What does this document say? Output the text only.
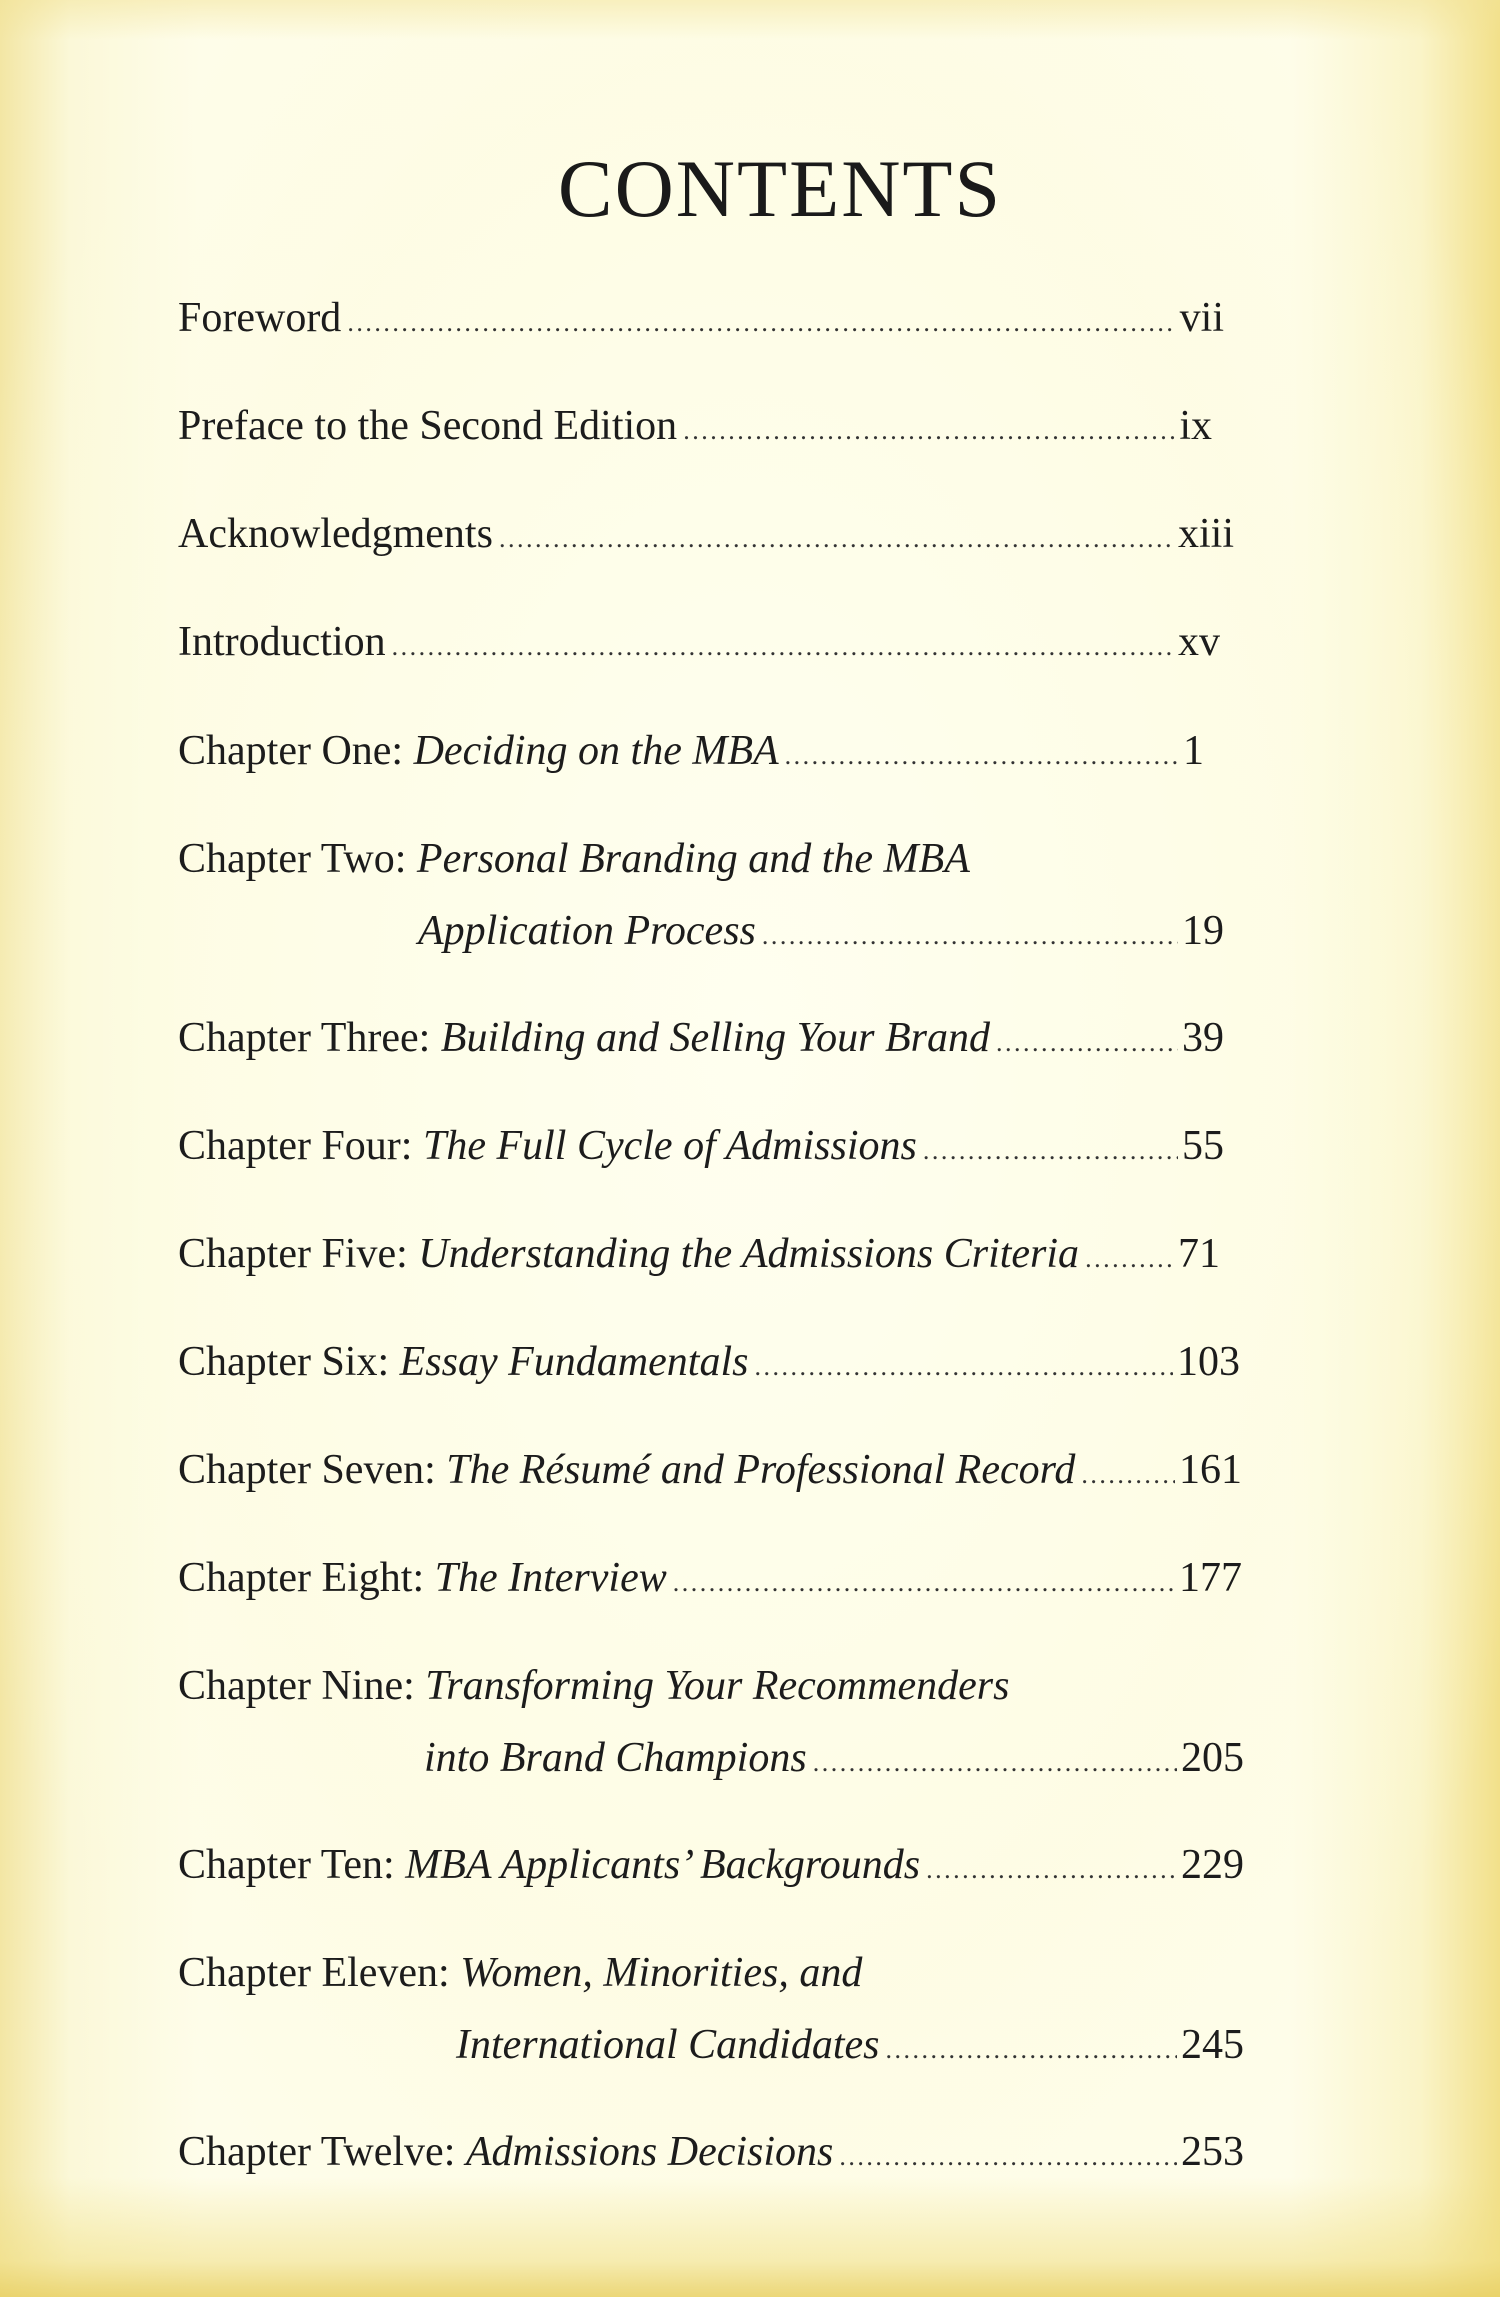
CONTENTS
Foreword . . .	vii
Preface to the Second Edition . . .	ix
Acknowledgments . . .	xiii
Introduction . . .	xv
Chapter One: Deciding on the MBA . . .	1
Chapter Two: Personal Branding and the MBA
Application Process . . .	19
Chapter Three: Building and Selling Your Brand . . .	39
Chapter Four: The Full Cycle of Admissions . . .	55
Chapter Five: Understanding the Admissions Criteria . . . 71
Chapter Six: Essay Fundamentals . . .	103
Chapter Seven: The Résumé and Professional Record . . . 161
Chapter Eight: The Interview . . .	177
Chapter Nine: Transforming Your Recommenders
into Brand Champions . . .	205
Chapter Ten: MBA Applicants’ Backgrounds . . .	229
Chapter Eleven: Women, Minorities, and
International Candidates . . .	245
Chapter Twelve: Admissions Decisions . . .	253
